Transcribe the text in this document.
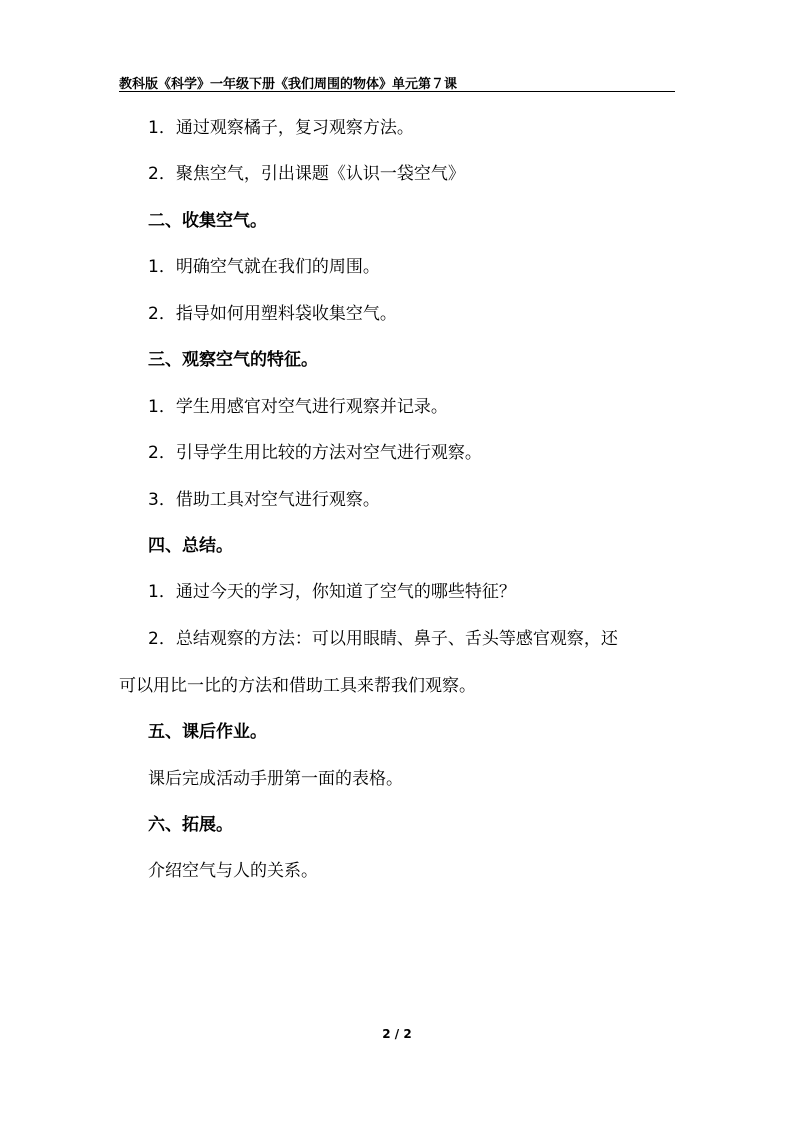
教科版《科学》一年级下册《我们周围的物体》单元第７课
1．通过观察橘子，复习观察方法。
2．聚焦空气，引出课题《认识一袋空气》
二、收集空气。
1．明确空气就在我们的周围。
2．指导如何用塑料袋收集空气。
三、观察空气的特征。
1．学生用感官对空气进行观察并记录。
2．引导学生用比较的方法对空气进行观察。
3．借助工具对空气进行观察。
四、总结。
1．通过今天的学习，你知道了空气的哪些特征？
2．总结观察的方法：可以用眼睛、鼻子、舌头等感官观察，还
可以用比一比的方法和借助工具来帮我们观察。
五、课后作业。
课后完成活动手册第一面的表格。
六、拓展。
介绍空气与人的关系。
2 / 2
